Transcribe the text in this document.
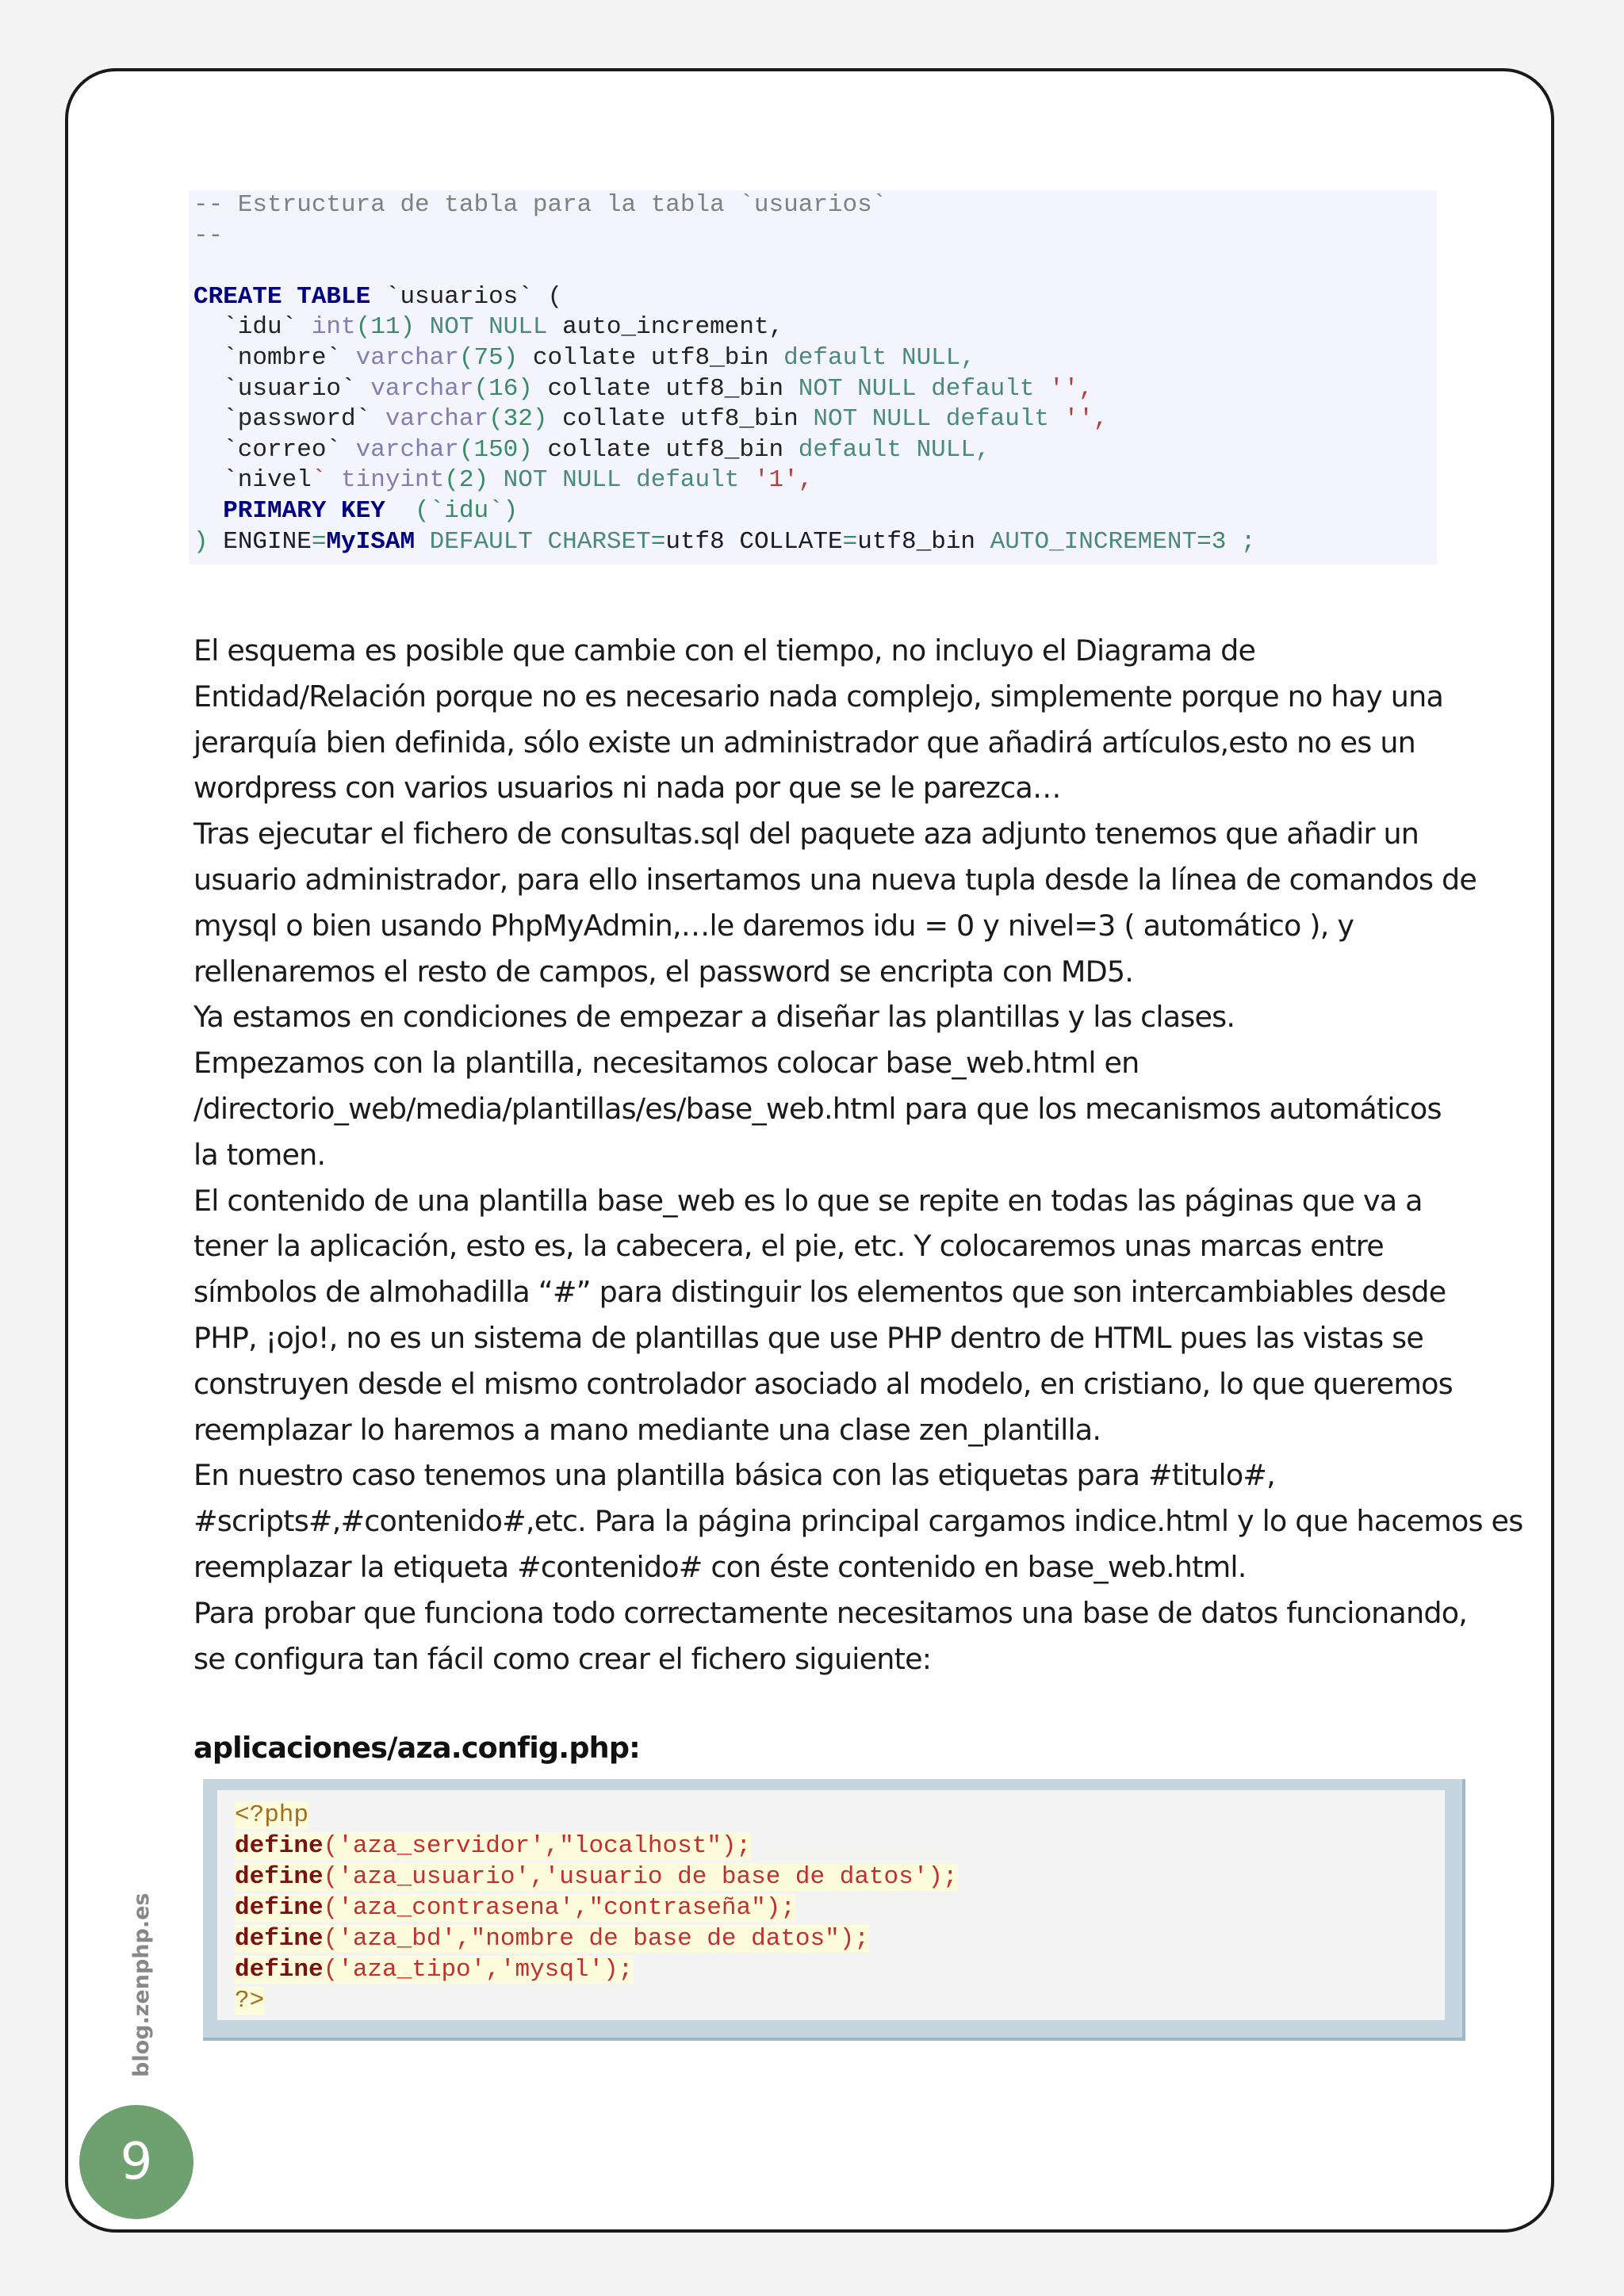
-- Estructura de tabla para la tabla `usuarios`
--
CREATE TABLE `usuarios` (
`idu` int(11) NOT NULL auto_increment,
`nombre` varchar(75) collate utf8_bin default NULL,
`usuario` varchar(16) collate utf8_bin NOT NULL default '',
`password` varchar(32) collate utf8_bin NOT NULL default '',
`correo` varchar(150) collate utf8_bin default NULL,
`nivel` tinyint(2) NOT NULL default '1',
PRIMARY KEY  (`idu`)
) ENGINE=MyISAM DEFAULT CHARSET=utf8 COLLATE=utf8_bin AUTO_INCREMENT=3 ;

El esquema es posible que cambie con el tiempo, no incluyo el Diagrama de

Entidad/Relación porque no es necesario nada complejo, simplemente porque no hay una

jerarquía bien definida, sólo existe un administrador que añadirá artículos,esto no es un

wordpress con varios usuarios ni nada por que se le parezca…

Tras ejecutar el fichero de consultas.sql del paquete aza adjunto tenemos que añadir un

usuario administrador, para ello insertamos una nueva tupla desde la línea de comandos de

mysql o bien usando PhpMyAdmin,…le daremos idu = 0 y nivel=3 ( automático ), y

rellenaremos el resto de campos, el password se encripta con MD5.

Ya estamos en condiciones de empezar a diseñar las plantillas y las clases.

Empezamos con la plantilla, necesitamos colocar base_web.html en

/directorio_web/media/plantillas/es/base_web.html para que los mecanismos automáticos

la tomen.

El contenido de una plantilla base_web es lo que se repite en todas las páginas que va a

tener la aplicación, esto es, la cabecera, el pie, etc. Y colocaremos unas marcas entre

símbolos de almohadilla “#” para distinguir los elementos que son intercambiables desde

PHP, ¡ojo!, no es un sistema de plantillas que use PHP dentro de HTML pues las vistas se

construyen desde el mismo controlador asociado al modelo, en cristiano, lo que queremos

reemplazar lo haremos a mano mediante una clase zen_plantilla.

En nuestro caso tenemos una plantilla básica con las etiquetas para #titulo#,

#scripts#,#contenido#,etc. Para la página principal cargamos indice.html y lo que hacemos es

reemplazar la etiqueta #contenido# con éste contenido en base_web.html.

Para probar que funciona todo correctamente necesitamos una base de datos funcionando,

se configura tan fácil como crear el fichero siguiente:

aplicaciones/aza.config.php:
<?php
define('aza_servidor',"localhost");
define('aza_usuario','usuario de base de datos');
define('aza_contrasena',"contraseña");
define('aza_bd',"nombre de base de datos");
define('aza_tipo','mysql');
?>
blog.zenphp.es
9
